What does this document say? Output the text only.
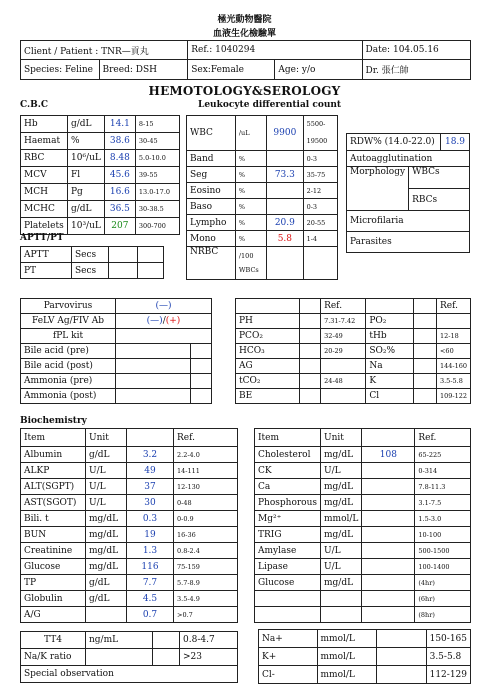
極光動物醫院
血液生化檢驗單
Client / Patient : TNR—貢丸		Ref.: 1040294		Date: 104.05.16
Species: Feline	Breed: DSH	Sex:Female	Age: y/o	Dr. 張仁帥
HEMOTOLOGY&SEROLOGY
C.B.C	Leukocyte differential count
Hb	g/dL	14.1	8-15
Haemat	%	38.6	30-45
RBC	10⁶/uL	8.48	5.0-10.0
MCV	Fl	45.6	39-55
MCH	Pg	16.6	13.0-17.0
MCHC	g/dL	36.5	30-38.5
Platelets	10³/uL	207	300-700
APTT/PT
APTT	Secs		
PT	Secs		
WBC	/uL	9900	5500-
19500
Band	%		0-3
Seg	%	73.3	35-75
Eosino	%		2-12
Baso	%		0-3
Lympho	%	20.9	20-55
Mono	%	5.8	1-4
NRBC	/100
WBCs		
RDW% (14.0-22.0)		18.9
Autoagglutination		
Morphology	WBCs	
	RBCs	
Microfilaria		
Parasites		
Parvovirus	(—)	
FeLV Ag/FIV Ab	(—)/(+)	
fPL kit		
Bile acid (pre)		
Bile acid (post)		
Ammonia (pre)		
Ammonia (post)		
		Ref.			Ref.
PH		7.31-7.42	PO₂		
PCO₂		32-49	tHb		12-18
HCO₃		20-29	SO₂%		<60
AG			Na		144-160
tCO₂		24-48	K		3.5-5.8
BE			Cl		109-122
Biochemistry
Item	Unit		Ref.
Albumin	g/dL	3.2	2.2-4.0
ALKP	U/L	49	14-111
ALT(SGPT)	U/L	37	12-130
AST(SGOT)	U/L	30	0-48
Bili. t	mg/dL	0.3	0-0.9
BUN	mg/dL	19	16-36
Creatinine	mg/dL	1.3	0.8-2.4
Glucose	mg/dL	116	75-159
TP	g/dL	7.7	5.7-8.9
Globulin	g/dL	4.5	3.5-4.9
A/G		0.7	>0.7
Item	Unit		Ref.
Cholesterol	mg/dL	108	65-225
CK	U/L		0-314
Ca	mg/dL		7.8-11.3
Phosphorous	mg/dL		3.1-7.5
Mg²⁺	mmol/L		1.5-3.0
TRIG	mg/dL		10-100
Amylase	U/L		500-1500
Lipase	U/L		100-1400
Glucose	mg/dL		(4hr)
			(6hr)
			(8hr)
TT4	ng/mL		0.8-4.7
Na/K ratio			>23
Special observation			
Na+	mmol/L		150-165
K+	mmol/L		3.5-5.8
Cl-	mmol/L		112-129
